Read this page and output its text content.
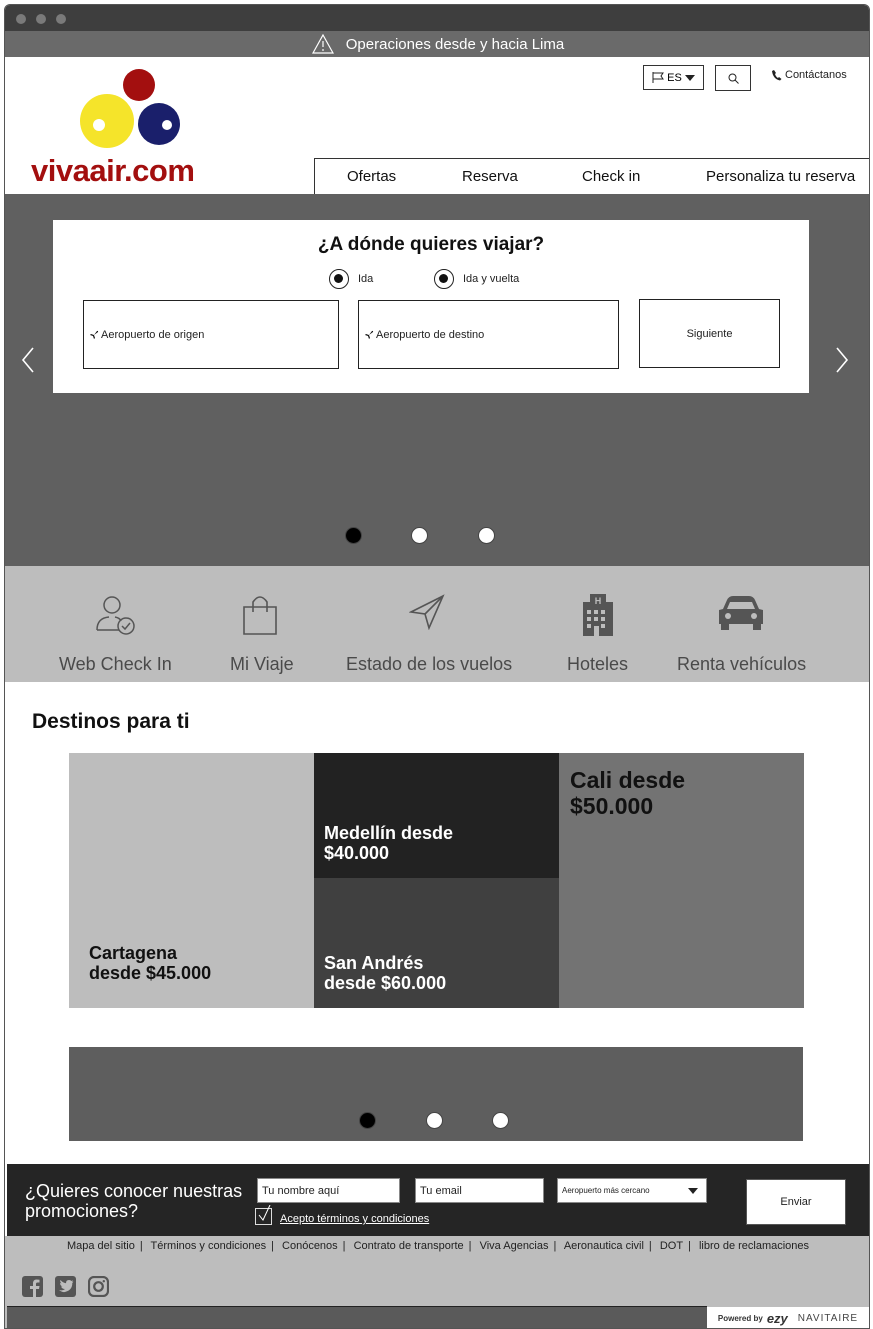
Operaciones desde y hacia Lima
vivaair.com
ES	Contáctanos
Ofertas	Reserva	Check in	Personaliza tu reserva
¿A dónde quieres viajar?
Ida	Ida y vuelta
Aeropuerto de origen	Aeropuerto de destino	Siguiente
Web Check In	Mi Viaje	Estado de los vuelos
H
Hoteles	Renta vehículos
Destinos para ti
Cartagena
desde $45.000
Medellín desde
$40.000
San Andrés
desde $60.000
Cali desde
$50.000
¿Quieres conocer nuestras
promociones?
Tu nombre aquí	Tu email	Aeropuerto más cercano
Acepto términos y condiciones
Enviar
Mapa del sitio | Términos y condiciones | Conócenos | Contrato de transporte | Viva Agencias | Aeronautica civil | DOT | libro de reclamaciones
Powered by ezy NAVITAIRE
